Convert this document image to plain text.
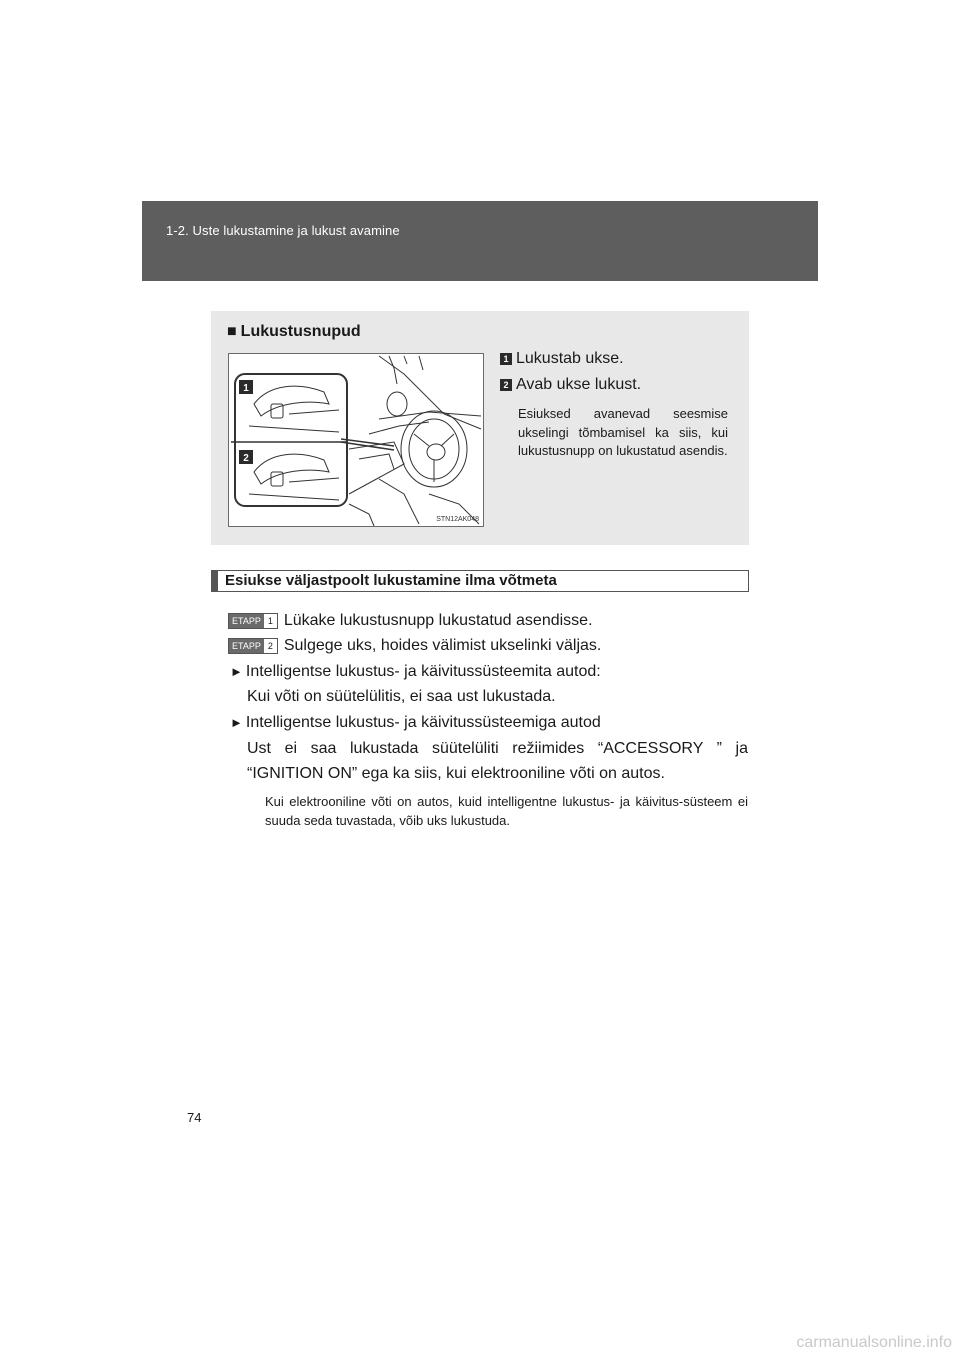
1-2. Uste lukustamine ja lukust avamine
■ Lukustusnupud
1
2
STN12AK048
1 Lukustab ukse.
2 Avab ukse lukust.
Esiuksed avanevad seesmise ukselingi tõmbamisel ka siis, kui lukustusnupp on lukustatud asendis.
Esiukse väljastpoolt lukustamine ilma võtmeta
ETAPP 1 Lükake lukustusnupp lukustatud asendisse.
ETAPP 2 Sulgege uks, hoides välimist ukselinki väljas.
► Intelligentse lukustus- ja käivitussüsteemita autod:
Kui võti on süütelülitis, ei saa ust lukustada.
► Intelligentse lukustus- ja käivitussüsteemiga autod
Ust ei saa lukustada süütelüliti režiimides “ACCESSORY ” ja
“IGNITION ON” ega ka siis, kui elektrooniline võti on autos.
Kui elektrooniline võti on autos, kuid intelligentne lukustus- ja käivitus-süsteem ei suuda seda tuvastada, võib uks lukustuda.
74
carmanualsonline.info
